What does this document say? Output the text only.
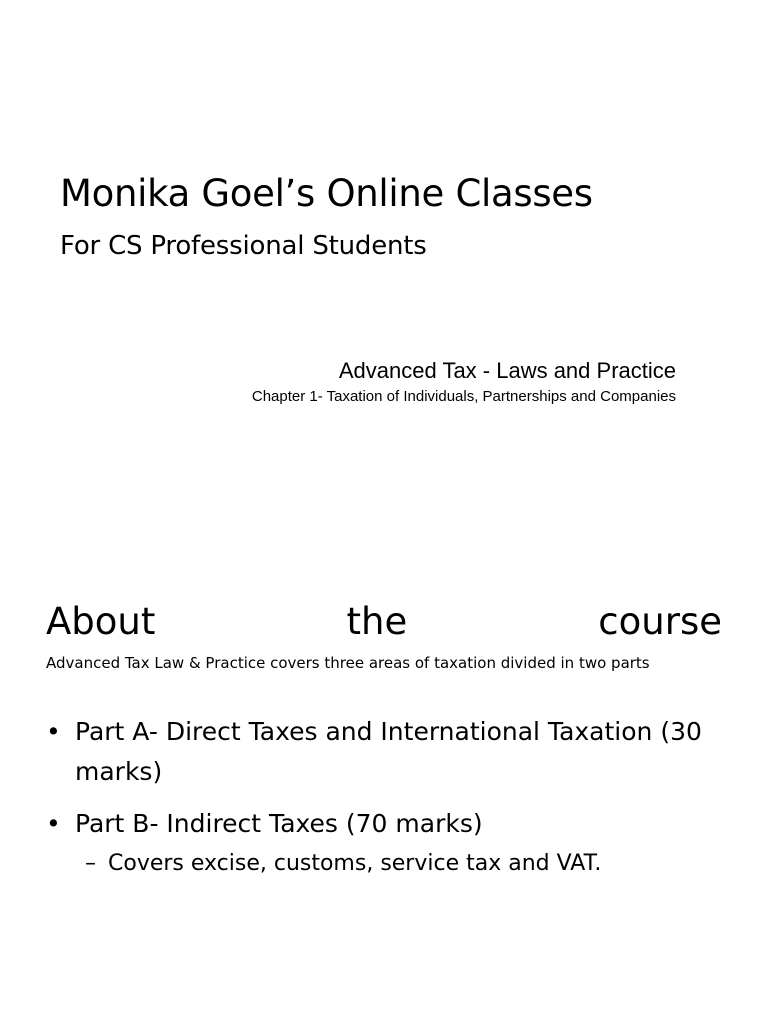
Monika Goel’s Online Classes
For CS Professional Students
Advanced Tax - Laws and Practice
Chapter 1- Taxation of Individuals, Partnerships and Companies
About	the	course
Advanced Tax Law & Practice covers three areas of taxation divided in two parts
• Part A- Direct Taxes and International Taxation (30 marks)
• Part B- Indirect Taxes (70 marks)
– Covers excise, customs, service tax and VAT.
